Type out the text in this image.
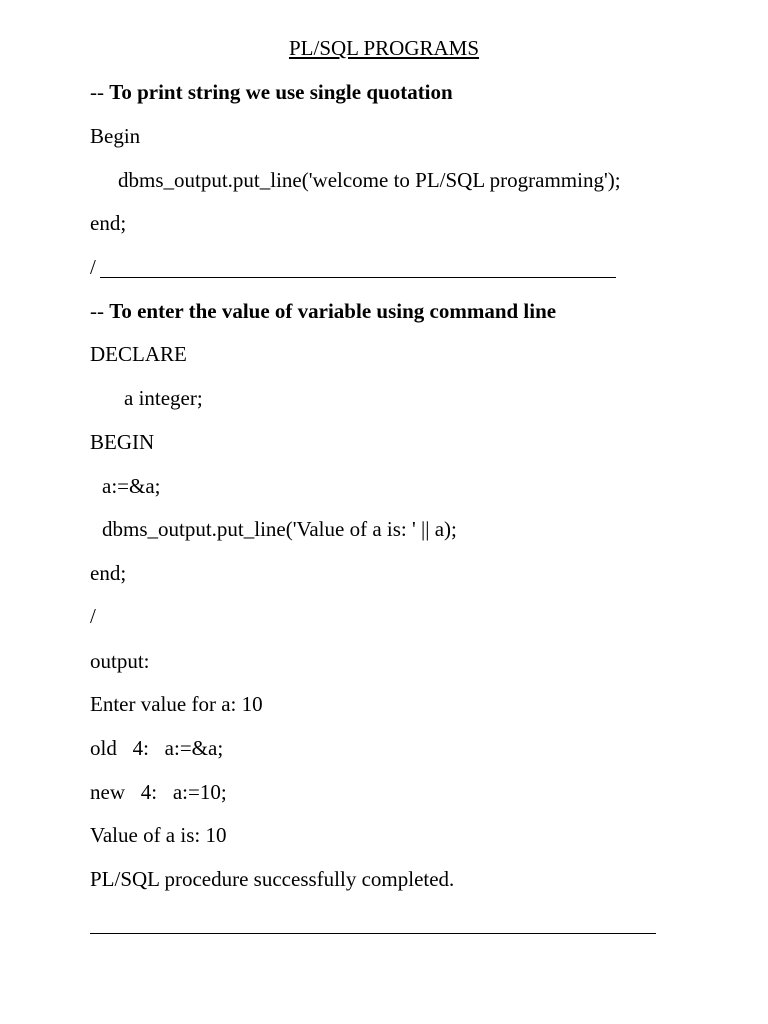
PL/SQL PROGRAMS
-- To print string we use single quotation
Begin
dbms_output.put_line('welcome to PL/SQL programming');
end;
/
-- To enter the value of variable using command line
DECLARE
a integer;
BEGIN
a:=&a;
dbms_output.put_line('Value of a is: ' || a);
end;
/
output:
Enter value for a: 10
old   4:   a:=&a;
new   4:   a:=10;
Value of a is: 10
PL/SQL procedure successfully completed.
